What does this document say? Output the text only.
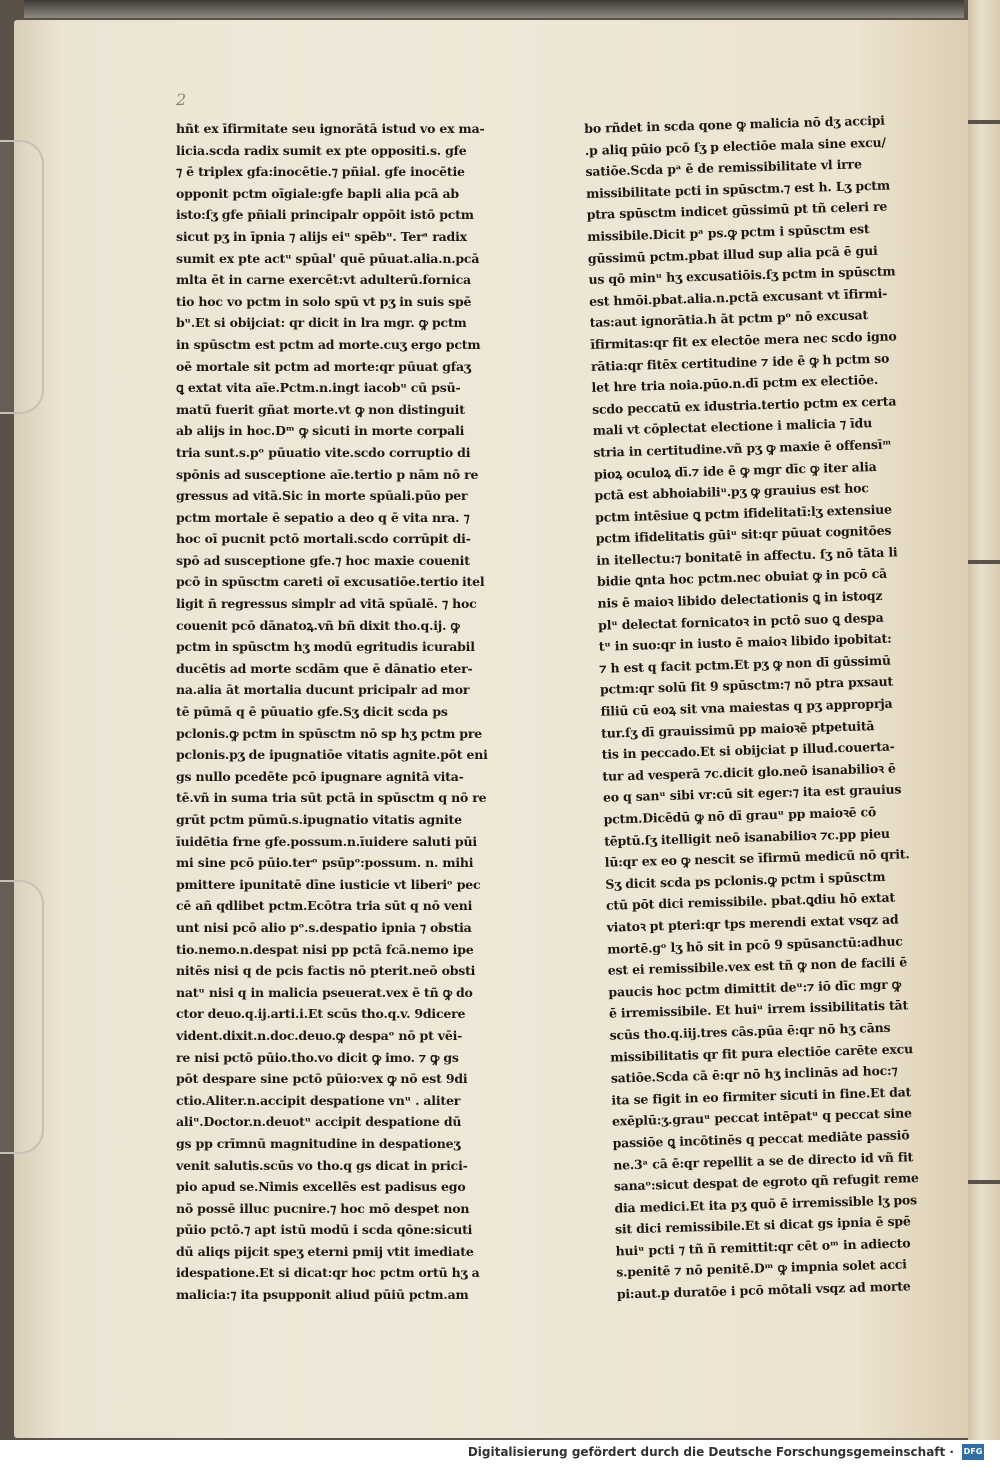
2
hñt ex īfirmitate seu ignorātā istud vo ex ma-
licia.scda radix sumit ex pte oppositi.s. gfe
⁊ ē triplex gfa:inocētie.⁊ pñial. gfe inocētie
opponit pctm oīgiale:gfe bapli alia pcā ab
isto:ſʒ gfe pñiali principalr oppōit istō pctm
sicut pʒ in īpnia ⁊ alijs eiᵘ spēbᵘ. Terᵃ radix
sumit ex pte actᵘ spūal' quē pūuat.alia.n.pcā
mlta ēt in carne exercēt:vt adulterū.fornica
tio hoc vo pctm in solo spū vt pʒ in suis spē
bᵘ.Et si obijciat: qr dicit in lra mgr. ꝙ pctm
in spūsctm est pctm ad morte.cuʒ ergo pctm
oē mortale sit pctm ad morte:qr pūuat gfaʒ
ꝗ extat vita aīe.Pctm.n.ingt iacobᵘ cū psū-
matū fuerit gñat morte.vt ꝙ non distinguit
ab alijs in hoc.Dᵐ ꝙ sicuti in morte corpali
tria sunt.s.pᵒ pūuatio vite.scdo corruptio di
spōnis ad susceptione aīe.tertio p nām nō re
gressus ad vitā.Sic in morte spūali.pūo per
pctm mortale ē sepatio a deo q ē vita nra. ⁊
hoc oī pucnit pctō mortali.scdo corrūpit di-
spō ad susceptione gfe.⁊ hoc maxie couenit
pcō in spūsctm careti oī excusatiōe.tertio itel
ligit ñ regressus simplr ad vitā spūalē. ⁊ hoc
couenit pcō dānatoꝝ.vñ bñ dixit tho.q.ij. ꝙ
pctm in spūsctm hʒ modū egritudis icurabil
ducētis ad morte scdām que ē dānatio eter-
na.alia āt mortalia ducunt pricipalr ad mor
tē pūmā q ē pūuatio gfe.Sʒ dicit scda ps
pclonis.ꝙ pctm in spūsctm nō sp hʒ pctm pre
pclonis.pʒ de ipugnatiōe vitatis agnite.pōt eni
gs nullo pcedēte pcō ipugnare agnitā vita-
tē.vñ in suma tria sūt pctā in spūsctm q nō re
grūt pctm pūmū.s.ipugnatio vitatis agnite
īuidētia frne gfe.possum.n.īuidere saluti pūi
mi sine pcō pūio.terᵒ psūpᵒ:possum. n. mihi
pmittere ipunitatē dīne iusticie vt liberiᵒ pec
cē añ qdlibet pctm.Ecōtra tria sūt q nō veni
unt nisi pcō alio pᵒ.s.despatio ipnia ⁊ obstia
tio.nemo.n.despat nisi pp pctā fcā.nemo ipe
nitēs nisi q de pcis factis nō pterit.neō obsti
natᵘ nisi q in malicia pseuerat.vex ē tñ ꝙ do
ctor deuo.q.ij.arti.i.Et scūs tho.q.v. 9dicere
vident.dixit.n.doc.deuo.ꝙ despaᵒ nō pt vēi-
re nisi pctō pūio.tho.vo dicit ꝙ imo. ⁊ ꝙ gs
pōt despare sine pctō pūio:vex ꝙ nō est 9di
ctio.Aliter.n.accipit despatione vnᵘ . aliter
aliᵘ.Doctor.n.deuotᵘ accipit despatione dū
gs pp crīmnū magnitudine in despationeʒ
venit salutis.scūs vo tho.q gs dicat in prici-
pio apud se.Nimis excellēs est padisus ego
nō possē illuc pucnire.⁊ hoc mō despet non
pūio pctō.⁊ apt istū modū i scda qōne:sicuti
dū aliqs pijcit speʒ eterni pmij vtit imediate
idespatione.Et si dicat:qr hoc pctm ortū hʒ a
malicia:⁊ ita psupponit aliud pūiū pctm.am
bo rñdet in scda qone ꝙ malicia nō dʒ accipi
.p aliq pūio pcō ſʒ p electiōe mala sine excu/
satiōe.Scda pᵃ ē de remissibilitate vl irre
missibilitate pcti in spūsctm.⁊ est h. Lʒ pctm
ptra spūsctm indicet gūssimū pt tñ celeri re
missibile.Dicit pᵃ ps.ꝙ pctm i spūsctm est
gūssimū pctm.pbat illud sup alia pcā ē gui
us qō minᵘ hʒ excusatiōis.ſʒ pctm in spūsctm
est hmōi.pbat.alia.n.pctā excusant vt īfirmi-
tas:aut ignorātia.h āt pctm pᵒ nō excusat
īfirmitas:qr fit ex electōe mera nec scdo igno
rātia:qr fitēx certitudine ⁊ ide ē ꝙ h pctm so
let hre tria noia.pūo.n.dī pctm ex electiōe.
scdo peccatū ex idustria.tertio pctm ex certa
mali vt cōplectat electione i malicia ⁊ īdu
stria in certitudine.vñ pʒ ꝙ maxie ē offensīᵐ
pioꝝ oculoꝝ dī.⁊ ide ē ꝙ mgr dīc ꝙ iter alia
pctā est abhoiabiliᵘ.pʒ ꝙ grauius est hoc
pctm intēsiue ꝗ pctm ifidelitatī:lʒ extensiue
pctm ifidelitatis gūiᵘ sit:qr pūuat cognitōes
in itellectu:⁊ bonitatē in affectu. ſʒ nō tāta li
bidie ꝗnta hoc pctm.nec obuiat ꝙ in pcō cā
nis ē maioꝛ libido delectationis ꝗ in istoqz
plᵘ delectat fornicatoꝛ in pctō suo ꝗ despa
tᵘ in suo:qr in iusto ē maioꝛ libido ipobitat:
⁊ h est q facit pctm.Et pʒ ꝙ non dī gūssimū
pctm:qr solū fit 9 spūsctm:⁊ nō ptra pxsaut
filiū cū eoꝝ sit vna maiestas q pʒ approprja
tur.ſʒ dī grauissimū pp maioꝛē ptpetuitā
tis in peccado.Et si obijciat p illud.couerta-
tur ad vesperā ⁊c.dicit glo.neō isanabilioꝛ ē
eo q sanᵘ sibi vr:cū sit eger:⁊ ita est grauius
pctm.Dicēdū ꝙ nō dī grauᵘ pp maioꝛē cō
tēptū.ſʒ itelligit neō isanabilioꝛ ⁊c.pp pieu
lū:qr ex eo ꝙ nescit se īfirmū medicū nō qrit.
Sʒ dicit scda ps pclonis.ꝙ pctm i spūsctm
ctū pōt dici remissibile. pbat.ꝗdiu hō extat
viatoꝛ pt pteri:qr tps merendi extat vsqz ad
mortē.gᵒ lʒ hō sit in pcō 9 spūsanctū:adhuc
est ei remissibile.vex est tñ ꝙ non de facili ē
paucis hoc pctm dimittit deᵘ:⁊ iō dīc mgr ꝙ
ē irremissibile. Et huiᵘ irrem issibilitatis tāt
scūs tho.q.iij.tres cās.pūa ē:qr nō hʒ cāns
missibilitatis qr fit pura electiōe carēte excu
satiōe.Scda cā ē:qr nō hʒ inclinās ad hoc:⁊
ita se figit in eo firmiter sicuti in fine.Et dat
exēplū:ʒ.grauᵘ peccat intēpatᵘ q peccat sine
passiōe ꝗ incōtinēs q peccat mediāte passiō
ne.3ᵃ cā ē:qr repellit a se de directo id vñ fit
sanaᵒ:sicut despat de egroto qñ refugit reme
dia medici.Et ita pʒ quō ē irremissible lʒ pos
sit dici remissibile.Et si dicat gs ipnia ē spē
huiᵘ pcti ⁊ tñ ñ remittit:qr cēt oᵐ in adiecto
s.penitē ⁊ nō penitē.Dᵐ ꝙ impnia solet acci
pi:aut.p duratōe i pcō mōtali vsqz ad morte
Digitalisierung gefördert durch die Deutsche Forschungsgemeinschaft · DFG
